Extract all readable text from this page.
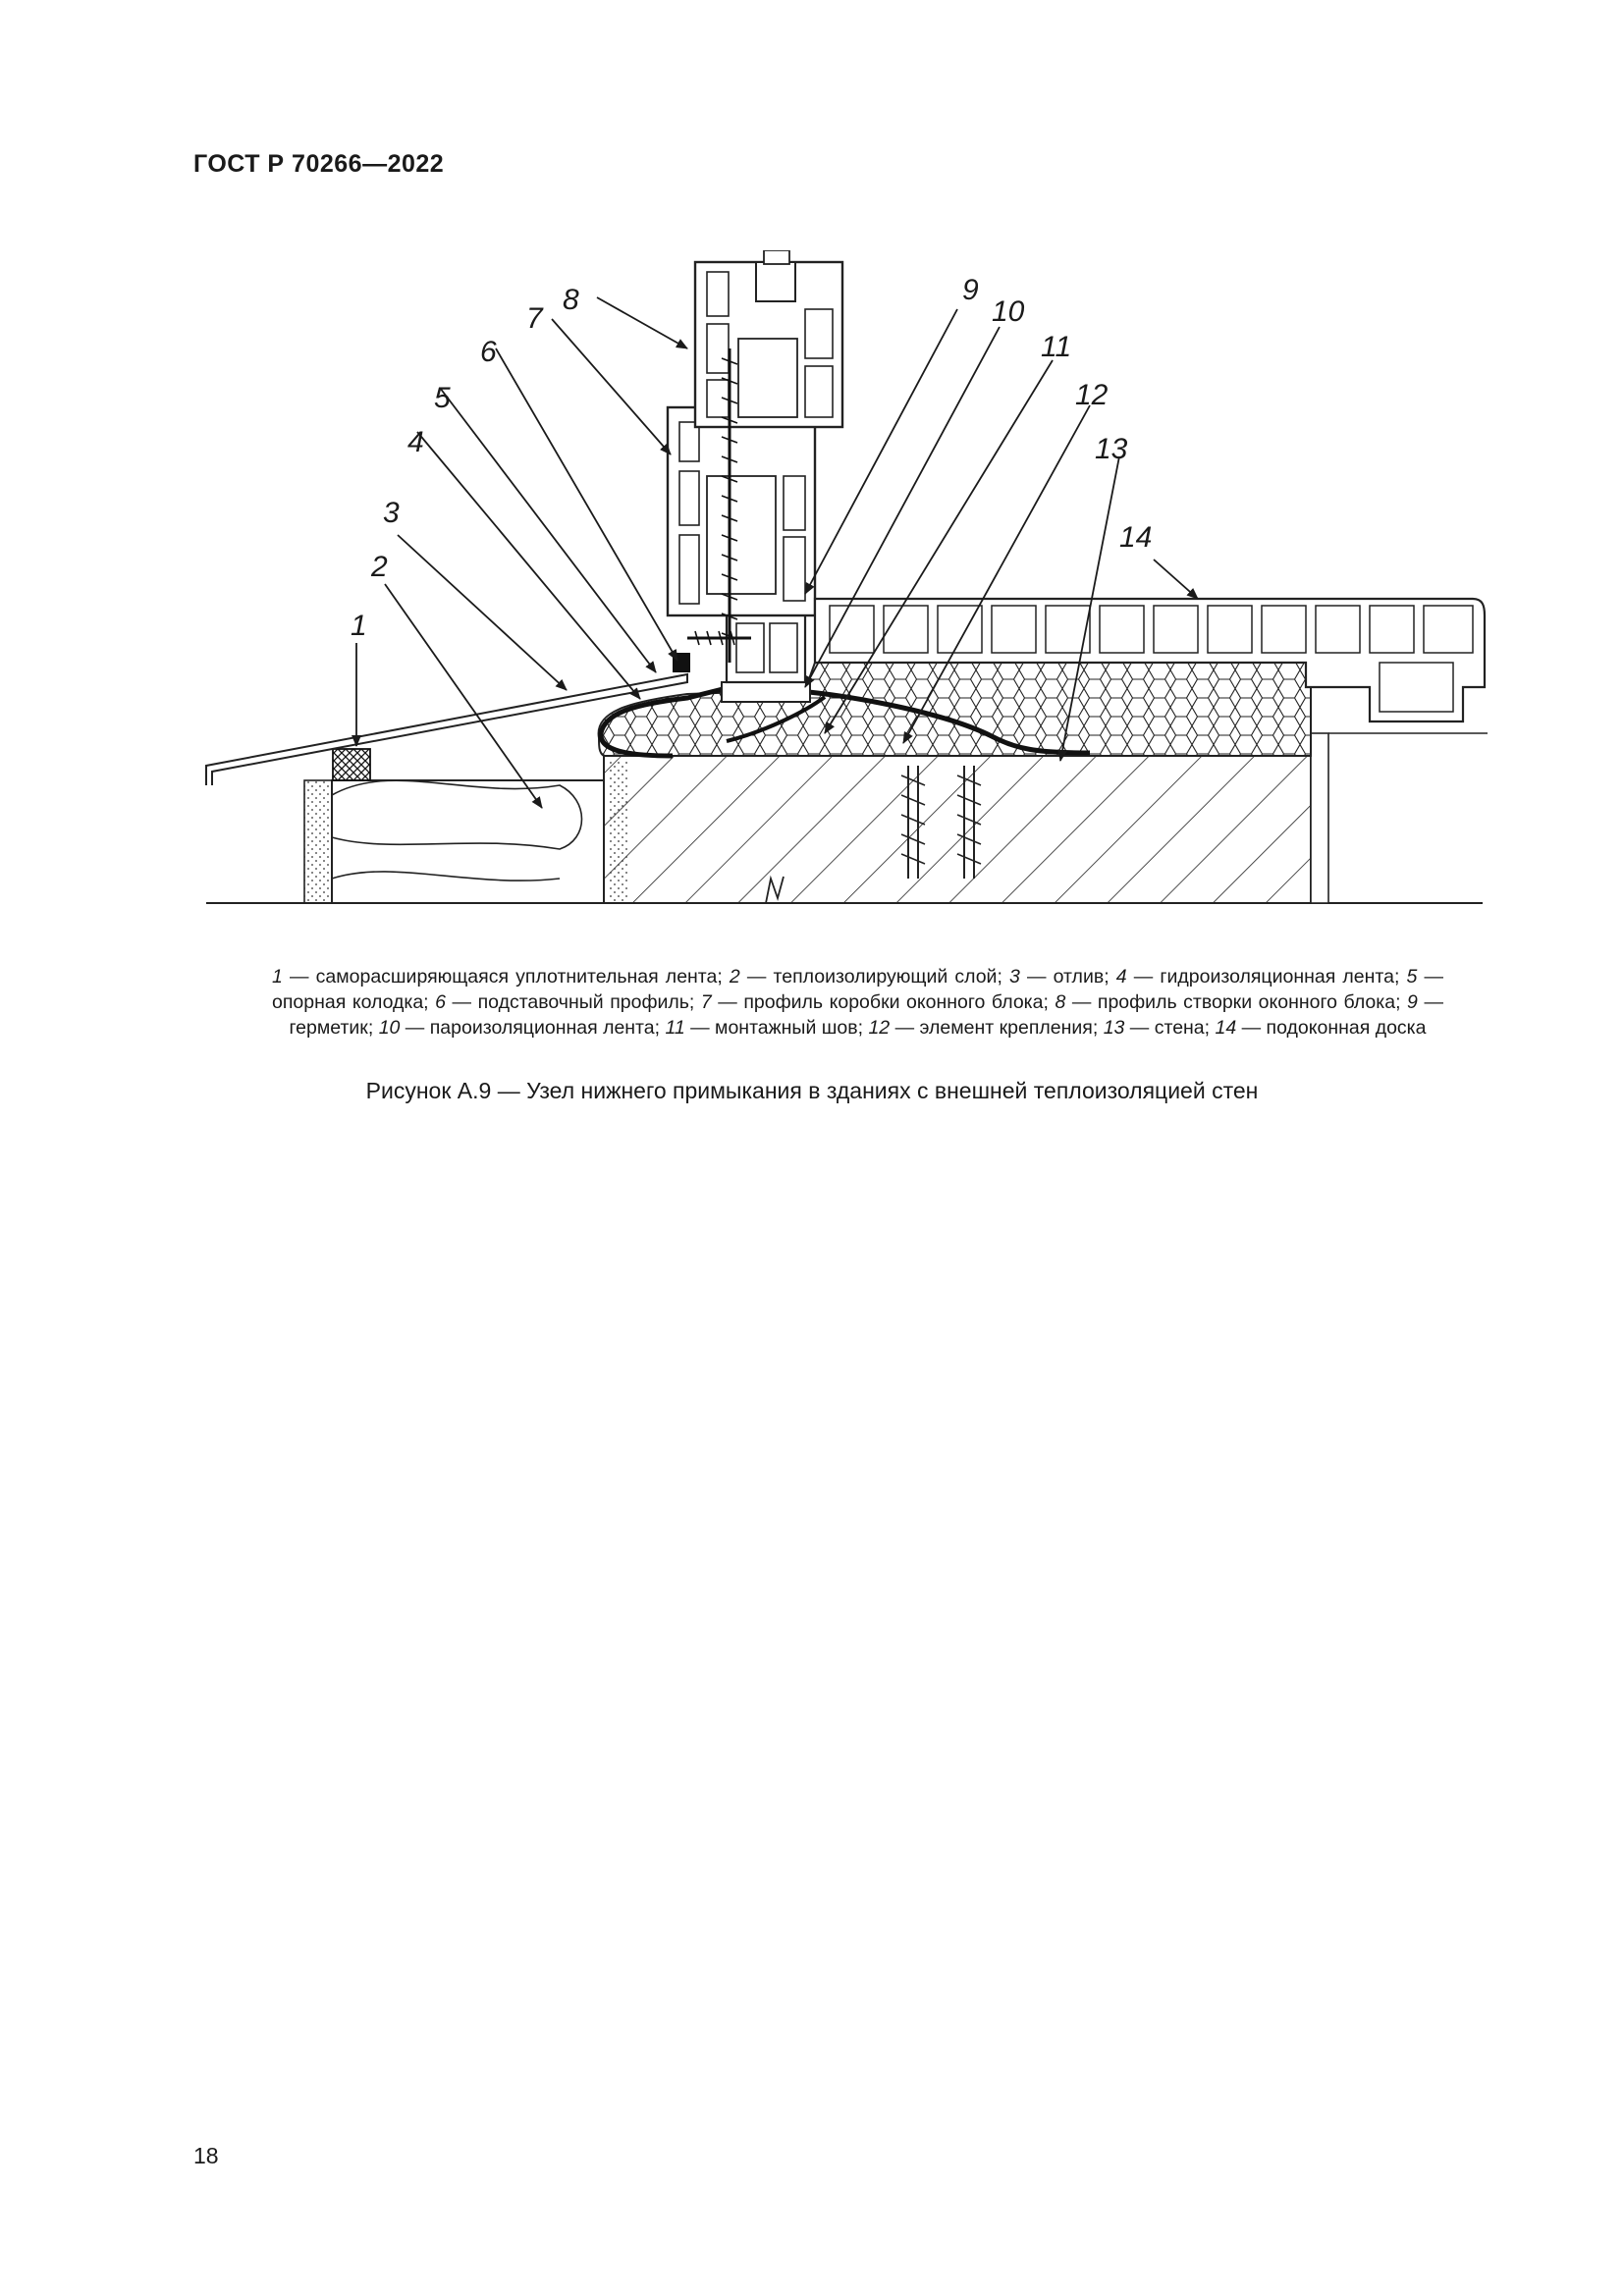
ГОСТ Р 70266—2022
1
2
3
4
5
6
7
8	9
10
11
12
13
14
1 — саморасширяющаяся уплотнительная лента; 2 — теплоизолирующий слой; 3 — отлив; 4 — гидроизоляционная лента; 5 — опорная колодка; 6 — подставочный профиль; 7 — профиль коробки оконного блока; 8 — профиль створки оконного блока; 9 — герметик; 10 — пароизоляционная лента; 11 — монтажный шов; 12 — элемент крепления; 13 — стена; 14 — подоконная доска
Рисунок А.9 — Узел нижнего примыкания в зданиях с внешней теплоизоляцией стен
18
